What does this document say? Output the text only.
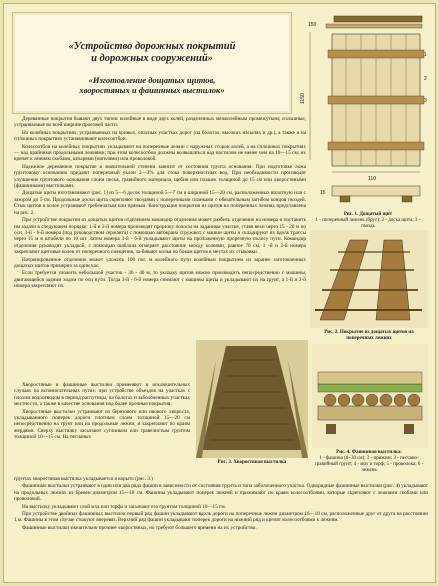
«Устройство дорожных покрытий
и дорожных сооружений»
«Изготовление дощатых щитов,
хворостяных и фашинных выстилок»
150
1150
1
2
3
110
15
Рис. 1. Дощатый щит
1 - поперечный лежень (брус); 2 - доска щита; 3 - гвоздь

Деревянные покрытия бывают двух типов: колейные в виде двух колей, разделенных межколейным промежутком; сплошные, устраиваемые во всей ширине проезжей части.

На колейных покрытиях, устраиваемых на кривых, опасных участках дорог (на болотах, высоких насыпях и др.), а также и на сплошных покрытиях устанавливают колесоотбои.

Колесоотбои на колейных покрытиях укладывают на поперечные лежни с наружных сторон колей, а на сплошных покрытиях — над крайними продольными лежнями; при этом колесоотбои должны возвышаться над настилом не менее чем на 10—15 см; их крепят к лежням скобами, штырями (нагелями) или проволокой.

Надежное деревянное покрытие в значительной степени зависит от состояния грунта основания. При подготовке ложа грунтовому основанию придают поперечный уклон 2—3% для стока поверхностных вод. При необходимости производят улучшение грунтового основания слоем песка, гравийного материала, щебня или плашек толщиной до 15 см или хворостяными (фашинными) выстилками.

Дощатые щиты изготавливают (рис. 1) из 5—6 досок толщиной 5—7 см и шириной 15—20 см, расположенных вплотную или с зазором до 5 см. Продольные доски щита скрепляют гвоздями с поперечными планками с обязательным загибом концов гвоздей. Стык щитов в колее устраивают гребенчатым или прямым. Конструкция покрытия из щитов на поперечных лежнях представлена на рис. 2.

При устройстве покрытия из дощатых щитов отделением командир отделения может разбить отделение на номера и поставить им задачи в следующем порядке: 1-й и 2-й номера производят прорезку полосы на заданном участке, ставя вехи через 15 - 20 м по оси, 3-й - 6-й номера (под руководством сержанта) с помощью автокрана сгружают с машин щиты и складируют их вдоль трассы через 15 м в штабели по 10 шт. Затем номера 3-й - 6-й укладывают щиты на проложенную прорезную полосу пути. Командир отделения руководит укладкой, с помощью шаблона отмеряет расстояние между колеями, равное 70 см. 1 -й и 2-й номера закрепляют щитовые колеи от поперечного смещения, за-бивают колья по бокам щитов в местах их стыковки.

Натренированное отделение может уложить 100 пог. м колейного пути колейным покрытием из заранее заготовленных дощатых щитов примерно за один час.

Если требуется уложить небольшой участок - 30 - 40 м, то укладку щитов можно производить непосредственно с машины, двигающейся задним ходом по оси пути. Тогда 3-й - 6-й номера снимают с машины щиты и укладывают их на грунт, а 1-й и 2-й номера закрепляют их.

Рис. 2. Покрытие из дощатых щитов на поперечных лежнях

Хворостяные и фашинные выстилки применяют в исключительных случаях на вспомогательных путях: при устройстве объездов на участках с плохим водоотводом в период распутицы, на болотах и заболоченных участках местности, а также в качестве основания под более прочные покрытия.

Хворостяные выстилки устраивают из березового или ивового хвороста, укладываемого поперек дороги плотным слоем толщиной 15—20 см непосредственно на грунт или на продольные лежни, и закрепляют по краям жердями. Сверху выстилку засыпают суглинком или гравелистым грунтом толщиной 10—15 см. На песчаных

Рис. 3. Хворостяная выстилка
Рис. 4. Фашинная выстилка:
1 - фашина (d~30 см); 2 - прижим; 3 - песчано-гравийный грунт; 4 - мох и торф; 5 - проволока; 6 - лежень

грунтах хворостяная выстилка укладывается в корыто (рис. 3.)

Фашинные выстилки устраивают в один или два ряда фашин в зависимости от состояния грунта и типа заболоченного участка. Однорядные фашинные выстилки (рис. 4) укладывают на продольных лежнях из бревен диаметром 15—18 см. Фашины укладывают поперек лежней и прижимают по краям колесоотбоями, которые скрепляют с лежнями скобами или проволокой.

На выстилку укладывают слой мха или торфа и засыпают его грунтом толщиной 10—15 см.

При устройстве двойных фашинных выстилок первый ряд фашин укладывают вдоль дороги на поперечные лежни диаметром 16—18 см, расположенные друг от друга на расстоянии 1 м. Фашины в этом случае стыкуют вперевяз. Верхний ряд фашин укладывают поперек дороги на нижний ряд и крепят колесоотбоями к лежням.

Фашинные выстилки значительно прочнее хворостяных, но требуют большего времени на их устройство.
